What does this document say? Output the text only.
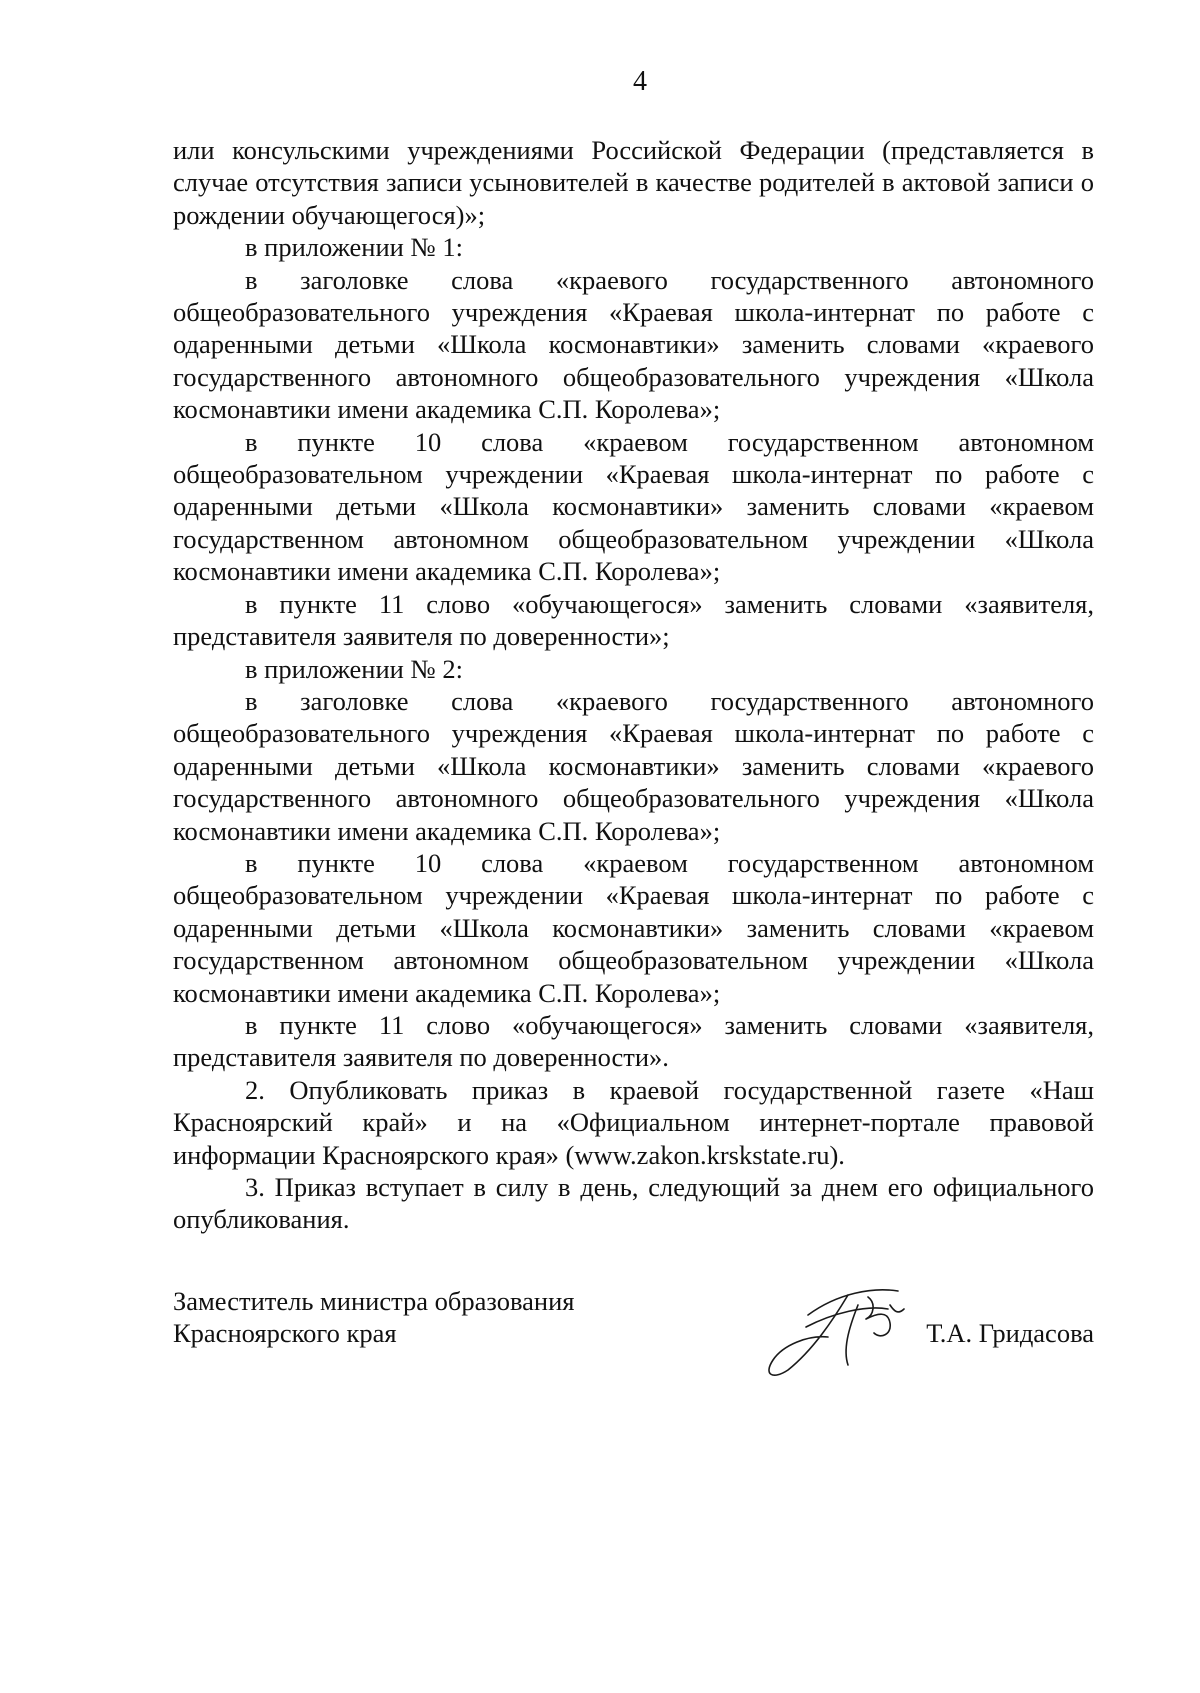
4

или консульскими учреждениями Российской Федерации (представляется в случае отсутствия записи усыновителей в качестве родителей в актовой записи о рождении обучающегося)»;

в приложении № 1:

в заголовке слова «краевого государственного автономного общеобразовательного учреждения «Краевая школа-интернат по работе с одаренными детьми «Школа космонавтики» заменить словами «краевого государственного автономного общеобразовательного учреждения «Школа космонавтики имени академика С.П. Королева»;

в пункте 10 слова «краевом государственном автономном общеобразовательном учреждении «Краевая школа-интернат по работе с одаренными детьми «Школа космонавтики» заменить словами «краевом государственном автономном общеобразовательном учреждении «Школа космонавтики имени академика С.П. Королева»;

в пункте 11 слово «обучающегося» заменить словами «заявителя, представителя заявителя по доверенности»;

в приложении № 2:

в заголовке слова «краевого государственного автономного общеобразовательного учреждения «Краевая школа-интернат по работе с одаренными детьми «Школа космонавтики» заменить словами «краевого государственного автономного общеобразовательного учреждения «Школа космонавтики имени академика С.П. Королева»;

в пункте 10 слова «краевом государственном автономном общеобразовательном учреждении «Краевая школа-интернат по работе с одаренными детьми «Школа космонавтики» заменить словами «краевом государственном автономном общеобразовательном учреждении «Школа космонавтики имени академика С.П. Королева»;

в пункте 11 слово «обучающегося» заменить словами «заявителя, представителя заявителя по доверенности».

2. Опубликовать приказ в краевой государственной газете «Наш Красноярский край» и на «Официальном интернет-портале правовой информации Красноярского края» (www.zakon.krskstate.ru).

3. Приказ вступает в силу в день, следующий за днем его официального опубликования.

Заместитель министра образования
Красноярского края	Т.А. Гридасова
